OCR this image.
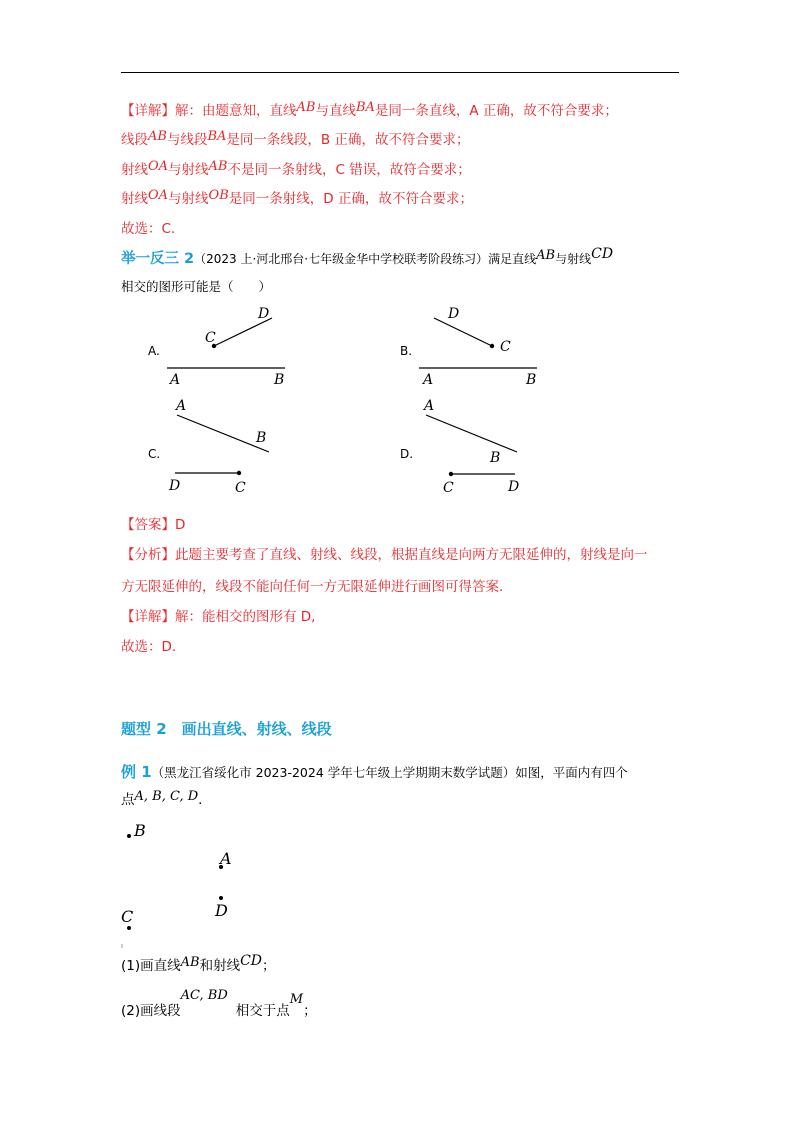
【详解】解：由题意知，直线AB与直线BA是同一条直线，A 正确，故不符合要求；
线段AB与线段BA是同一条线段，B 正确，故不符合要求；
射线OA与射线AB不是同一条射线，C 错误，故符合要求；
射线OA与射线OB是同一条射线，D 正确，故不符合要求；
故选：C.
举一反三 2（2023 上·河北邢台·七年级金华中学校联考阶段练习）满足直线AB与射线CD
相交的图形可能是（　　）
A.
C
D
A	B
B.
D
C
A	B
C.
A
B
D	C
D.
A
B
C	D
【答案】D
【分析】此题主要考查了直线、射线、线段，根据直线是向两方无限延伸的，射线是向一
方无限延伸的，线段不能向任何一方无限延伸进行画图可得答案.
【详解】解：能相交的图形有 D,
故选：D.
题型 2　画出直线、射线、线段
例 1（黑龙江省绥化市 2023-2024 学年七年级上学期期末数学试题）如图，平面内有四个
点A, B, C, D.
B
A
D
C
(1)画直线AB和射线CD；
(2)画线段AC, BD相交于点M；
